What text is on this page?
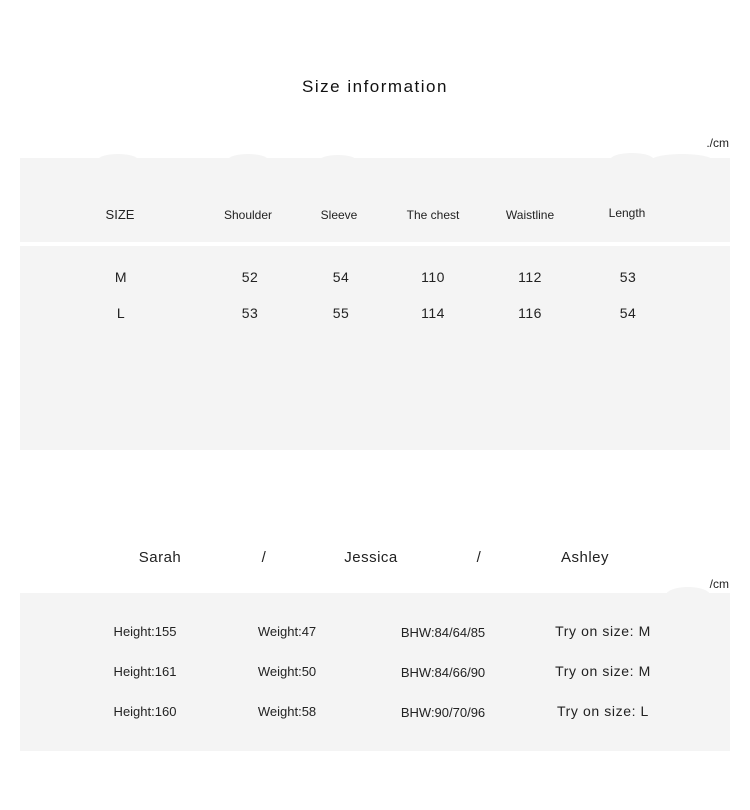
Size information
./cm
SIZE	Shoulder	Sleeve	The chest	Waistline	Length
M	52	54	110	112	53
L	53	55	114	116	54
Sarah	/	Jessica	/	Ashley
/cm
Height:155	Weight:47	BHW:84/64/85	Try on size: M
Height:161	Weight:50	BHW:84/66/90	Try on size: M
Height:160	Weight:58	BHW:90/70/96	Try on size: L
